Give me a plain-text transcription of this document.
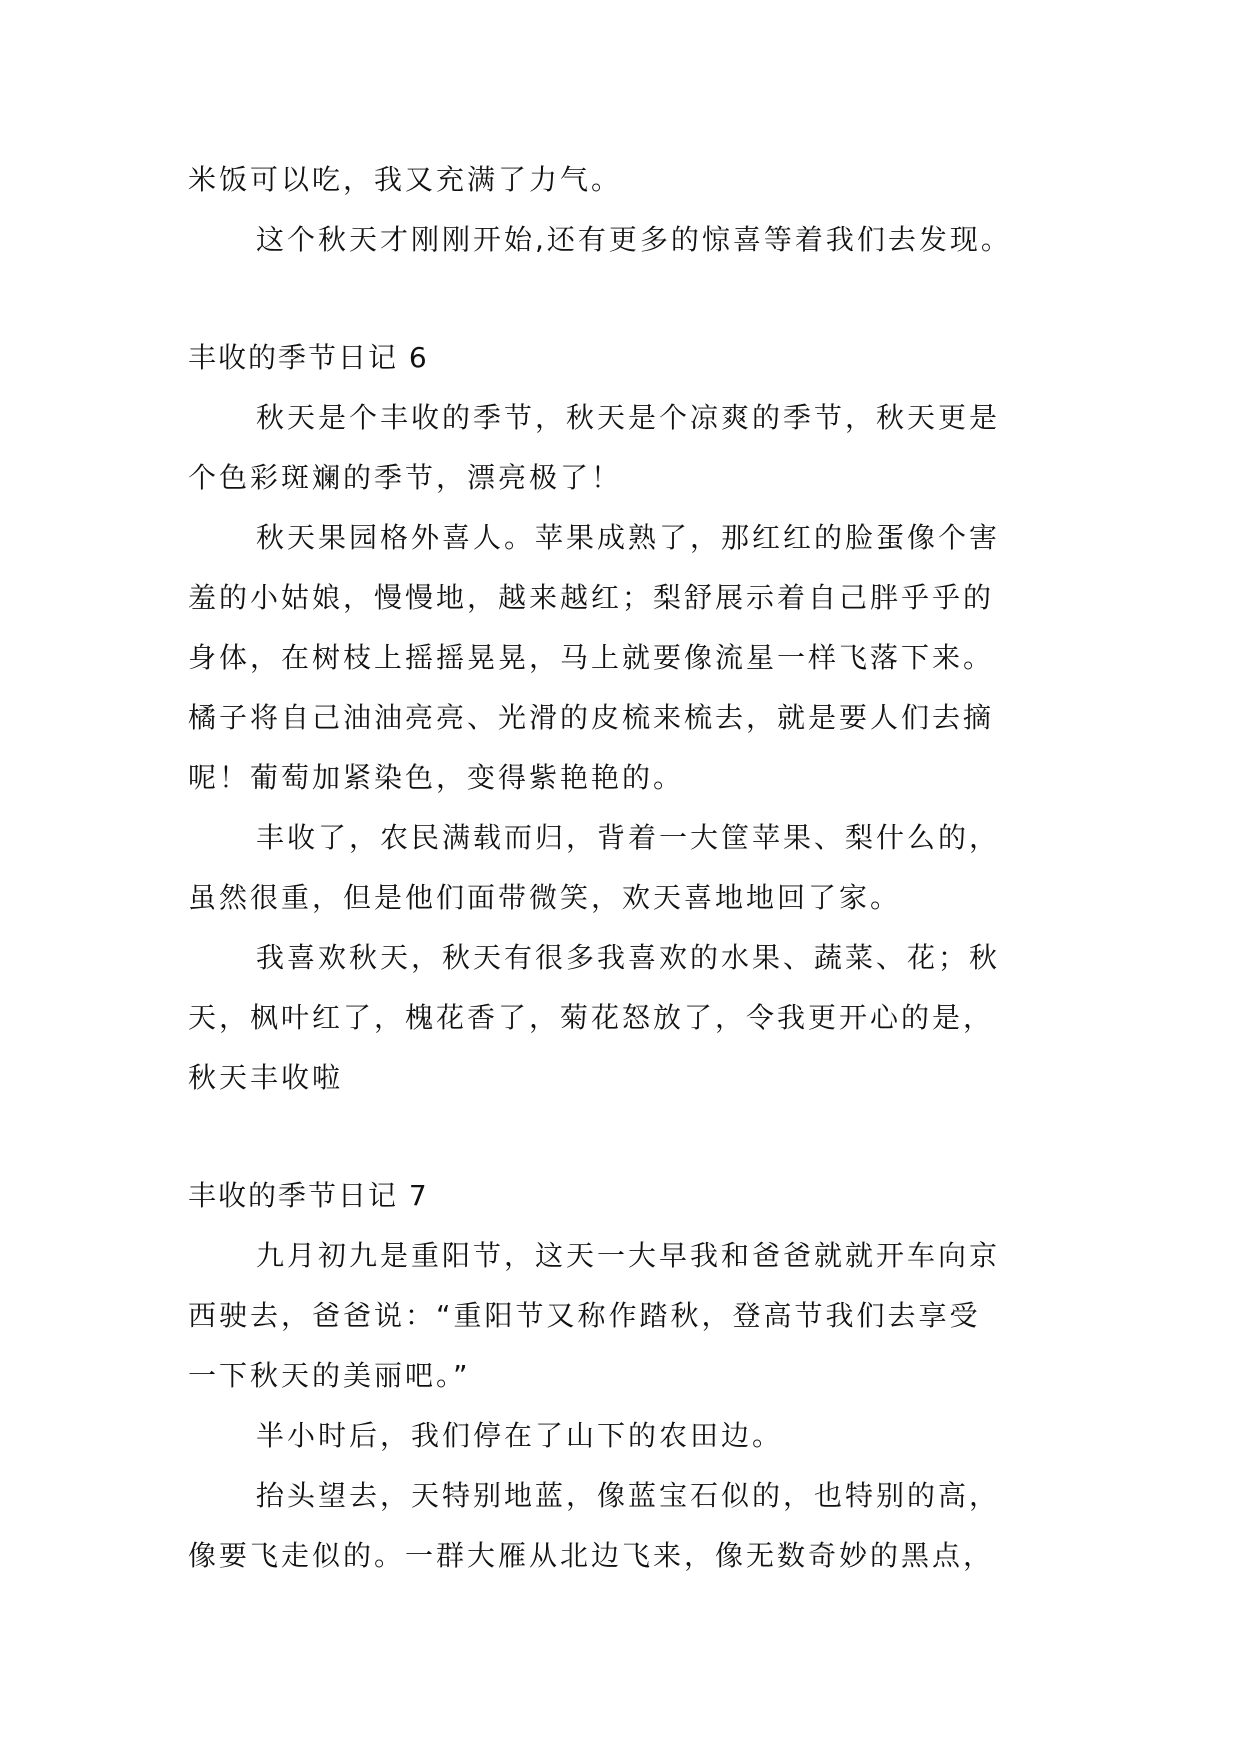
米饭可以吃，我又充满了力气。
这个秋天才刚刚开始,还有更多的惊喜等着我们去发现。
丰收的季节日记 6
秋天是个丰收的季节，秋天是个凉爽的季节，秋天更是
个色彩斑斓的季节，漂亮极了！
秋天果园格外喜人。苹果成熟了，那红红的脸蛋像个害
羞的小姑娘，慢慢地，越来越红；梨舒展示着自己胖乎乎的
身体，在树枝上摇摇晃晃，马上就要像流星一样飞落下来。
橘子将自己油油亮亮、光滑的皮梳来梳去，就是要人们去摘
呢！葡萄加紧染色，变得紫艳艳的。
丰收了，农民满载而归，背着一大筐苹果、梨什么的，
虽然很重，但是他们面带微笑，欢天喜地地回了家。
我喜欢秋天，秋天有很多我喜欢的水果、蔬菜、花；秋
天，枫叶红了，槐花香了，菊花怒放了，令我更开心的是，
秋天丰收啦
丰收的季节日记 7
九月初九是重阳节，这天一大早我和爸爸就就开车向京
西驶去，爸爸说：“重阳节又称作踏秋，登高节我们去享受
一下秋天的美丽吧。”
半小时后，我们停在了山下的农田边。
抬头望去，天特别地蓝，像蓝宝石似的，也特别的高，
像要飞走似的。一群大雁从北边飞来，像无数奇妙的黑点，
